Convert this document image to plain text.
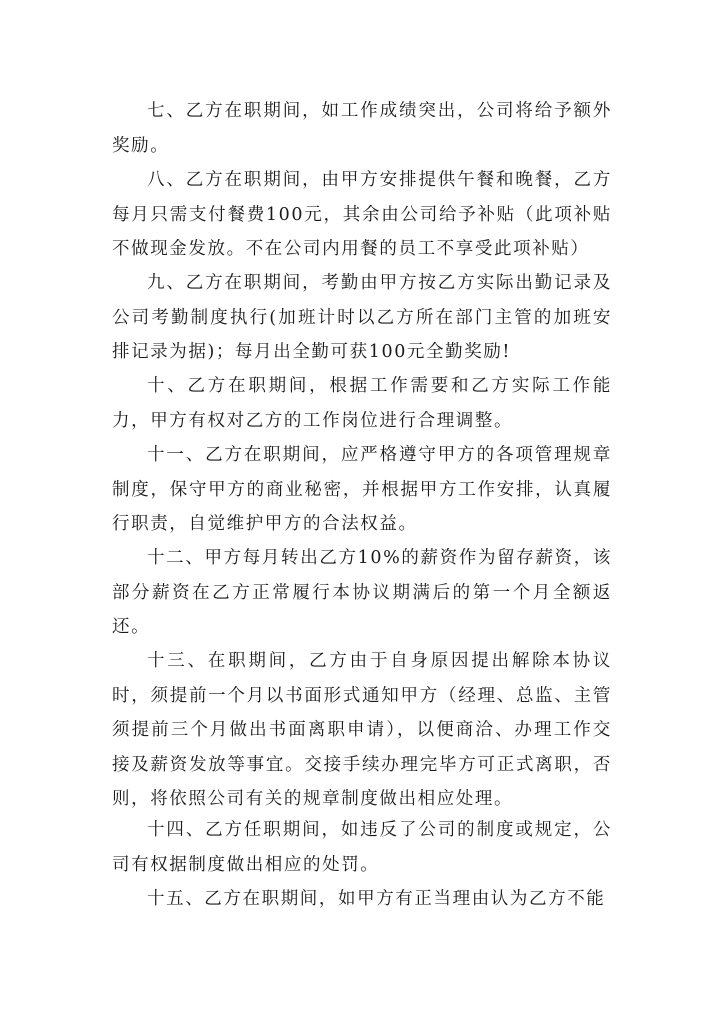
七、乙方在职期间，如工作成绩突出，公司将给予额外奖励。

八、乙方在职期间，由甲方安排提供午餐和晚餐，乙方每月只需支付餐费100元，其余由公司给予补贴（此项补贴不做现金发放。不在公司内用餐的员工不享受此项补贴）

九、乙方在职期间，考勤由甲方按乙方实际出勤记录及公司考勤制度执行(加班计时以乙方所在部门主管的加班安排记录为据)；每月出全勤可获100元全勤奖励!

十、乙方在职期间，根据工作需要和乙方实际工作能力，甲方有权对乙方的工作岗位进行合理调整。

十一、乙方在职期间，应严格遵守甲方的各项管理规章制度，保守甲方的商业秘密，并根据甲方工作安排，认真履行职责，自觉维护甲方的合法权益。

十二、甲方每月转出乙方10%的薪资作为留存薪资，该部分薪资在乙方正常履行本协议期满后的第一个月全额返还。

十三、在职期间，乙方由于自身原因提出解除本协议时，须提前一个月以书面形式通知甲方（经理、总监、主管须提前三个月做出书面离职申请），以便商洽、办理工作交接及薪资发放等事宜。交接手续办理完毕方可正式离职，否则，将依照公司有关的规章制度做出相应处理。

十四、乙方任职期间，如违反了公司的制度或规定，公司有权据制度做出相应的处罚。

十五、乙方在职期间，如甲方有正当理由认为乙方不能
